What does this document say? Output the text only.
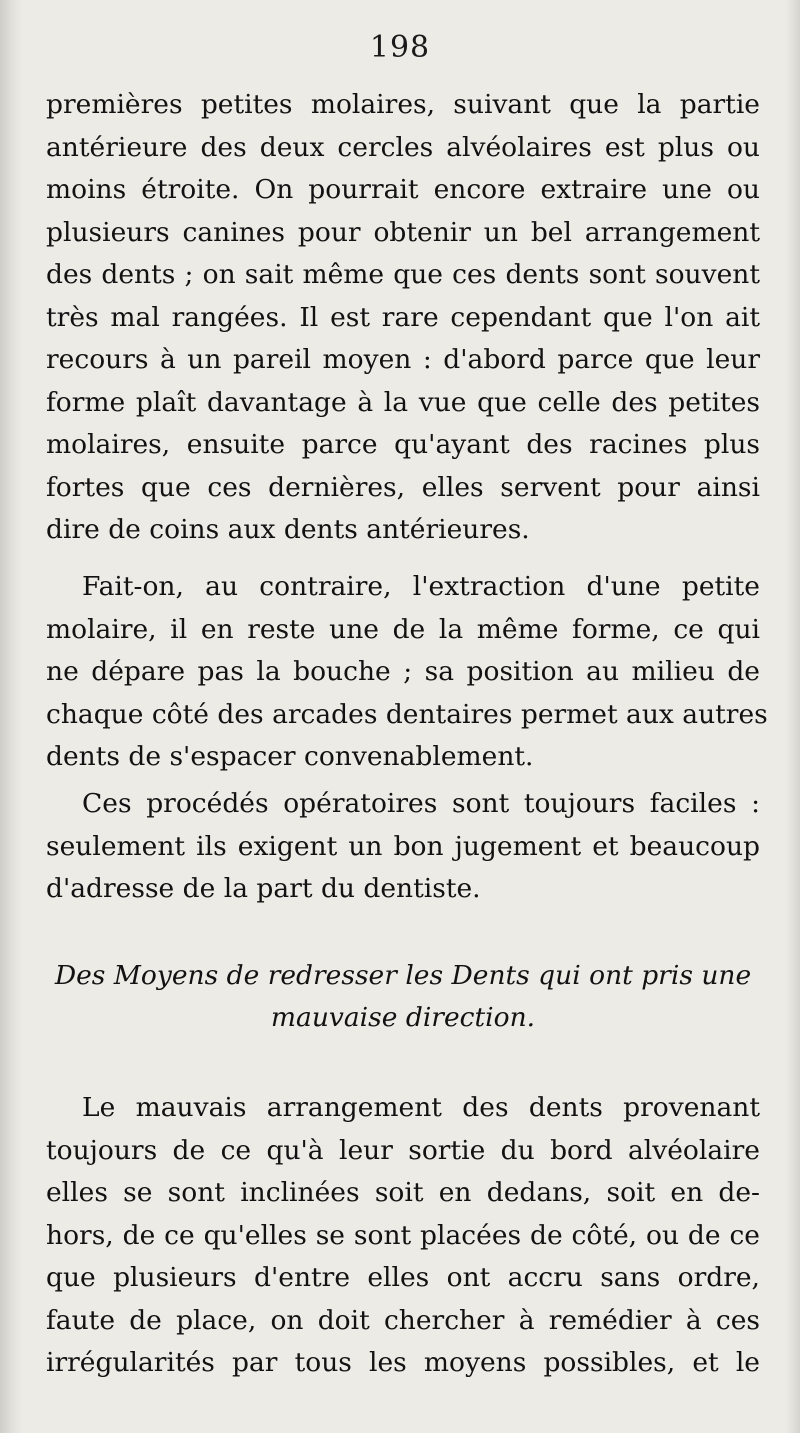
198
premières petites molaires, suivant que la partie
antérieure des deux cercles alvéolaires est plus ou
moins étroite. On pourrait encore extraire une ou
plusieurs canines pour obtenir un bel arrangement
des dents ; on sait même que ces dents sont souvent
très mal rangées. Il est rare cependant que l'on ait
recours à un pareil moyen : d'abord parce que leur
forme plaît davantage à la vue que celle des petites
molaires, ensuite parce qu'ayant des racines plus
fortes que ces dernières, elles servent pour ainsi
dire de coins aux dents antérieures.
Fait-on, au contraire, l'extraction d'une petite
molaire, il en reste une de la même forme, ce qui
ne dépare pas la bouche ; sa position au milieu de
chaque côté des arcades dentaires permet aux autres
dents de s'espacer convenablement.
Ces procédés opératoires sont toujours faciles :
seulement ils exigent un bon jugement et beaucoup
d'adresse de la part du dentiste.
Des Moyens de redresser les Dents qui ont pris une
mauvaise direction.
Le mauvais arrangement des dents provenant
toujours de ce qu'à leur sortie du bord alvéolaire
elles se sont inclinées soit en dedans, soit en de-
hors, de ce qu'elles se sont placées de côté, ou de ce
que plusieurs d'entre elles ont accru sans ordre,
faute de place, on doit chercher à remédier à ces
irrégularités par tous les moyens possibles, et le
